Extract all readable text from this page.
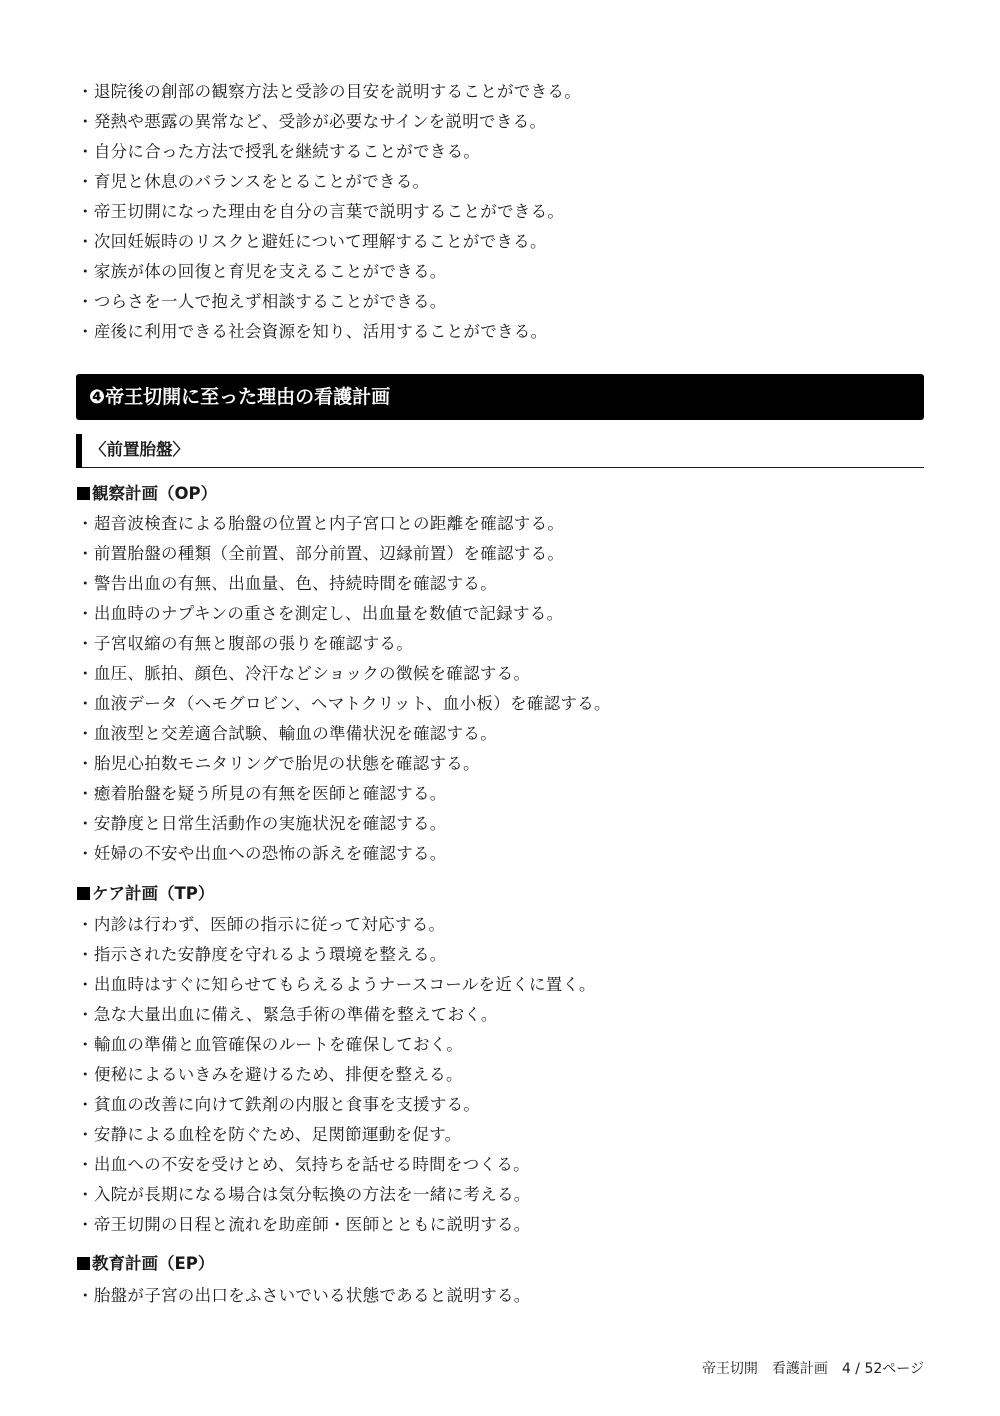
・ 退院後の創部の観察方法と受診の目安を説明することができる。
・ 発熱や悪露の異常など、受診が必要なサインを説明できる。
・ 自分に合った方法で授乳を継続することができる。
・ 育児と休息のバランスをとることができる。
・ 帝王切開になった理由を自分の言葉で説明することができる。
・ 次回妊娠時のリスクと避妊について理解することができる。
・ 家族が体の回復と育児を支えることができる。
・ つらさを一人で抱えず相談することができる。
・ 産後に利用できる社会資源を知り、活用することができる。
❹帝王切開に至った理由の看護計画
〈前置胎盤〉
観察計画（OP）
・ 超音波検査による胎盤の位置と内子宮口との距離を確認する。
・ 前置胎盤の種類（全前置、部分前置、辺縁前置）を確認する。
・ 警告出血の有無、出血量、色、持続時間を確認する。
・ 出血時のナプキンの重さを測定し、出血量を数値で記録する。
・ 子宮収縮の有無と腹部の張りを確認する。
・ 血圧、脈拍、顔色、冷汗などショックの徴候を確認する。
・ 血液データ（ヘモグロビン、ヘマトクリット、血小板）を確認する。
・ 血液型と交差適合試験、輸血の準備状況を確認する。
・ 胎児心拍数モニタリングで胎児の状態を確認する。
・ 癒着胎盤を疑う所見の有無を医師と確認する。
・ 安静度と日常生活動作の実施状況を確認する。
・ 妊婦の不安や出血への恐怖の訴えを確認する。
ケア計画（TP）
・ 内診は行わず、医師の指示に従って対応する。
・ 指示された安静度を守れるよう環境を整える。
・ 出血時はすぐに知らせてもらえるようナースコールを近くに置く。
・ 急な大量出血に備え、緊急手術の準備を整えておく。
・ 輸血の準備と血管確保のルートを確保しておく。
・ 便秘によるいきみを避けるため、排便を整える。
・ 貧血の改善に向けて鉄剤の内服と食事を支援する。
・ 安静による血栓を防ぐため、足関節運動を促す。
・ 出血への不安を受けとめ、気持ちを話せる時間をつくる。
・ 入院が長期になる場合は気分転換の方法を一緒に考える。
・ 帝王切開の日程と流れを助産師・医師とともに説明する。
教育計画（EP）
・ 胎盤が子宮の出口をふさいでいる状態であると説明する。
帝王切開　看護計画 4 / 52ページ
